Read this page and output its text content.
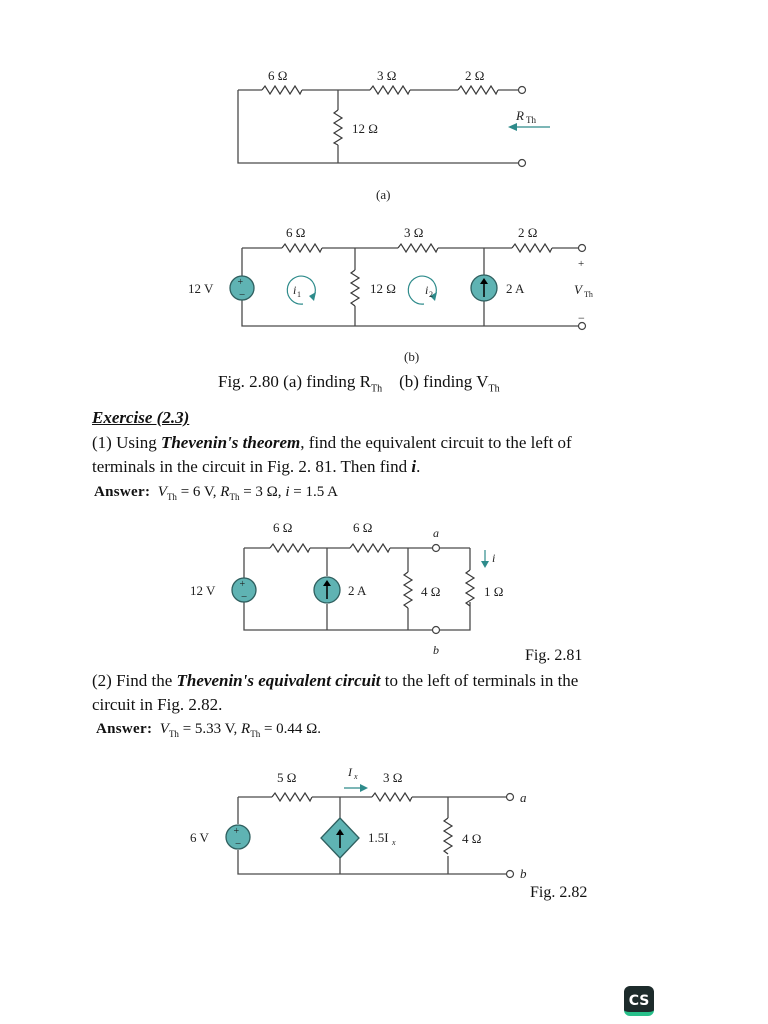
6 Ω	3 Ω	2 Ω
12 Ω
R Th
(a)
+
−
6 Ω	3 Ω	2 Ω
12 Ω
12 V	2 A
i 1	i 2
+
−
V Th
(b)
Fig. 2.80 (a) finding $R_{Th}$    (b) finding $V_{Th}$
Exercise (2.3)
(1) Using Thevenin's theorem, find the equivalent circuit to the left of
terminals in the circuit in Fig. 2. 81. Then find i.
Answer: $V_{Th} = 6$ V, $R_{Th} = 3$ Ω, i = 1.5 A
+
−
6 Ω	6 Ω
4 Ω	1 Ω
12 V	2 A
a
b
i
Fig. 2.81
(2) Find the Thevenin's equivalent circuit to the left of terminals in the
circuit in Fig. 2.82.
Answer: $V_{Th} = 5.33$ V, $R_{Th} = 0.44$ Ω.
+
−
5 Ω	3 Ω
4 Ω
6 V
I x
1.5I x
a
b
Fig. 2.82
CS
